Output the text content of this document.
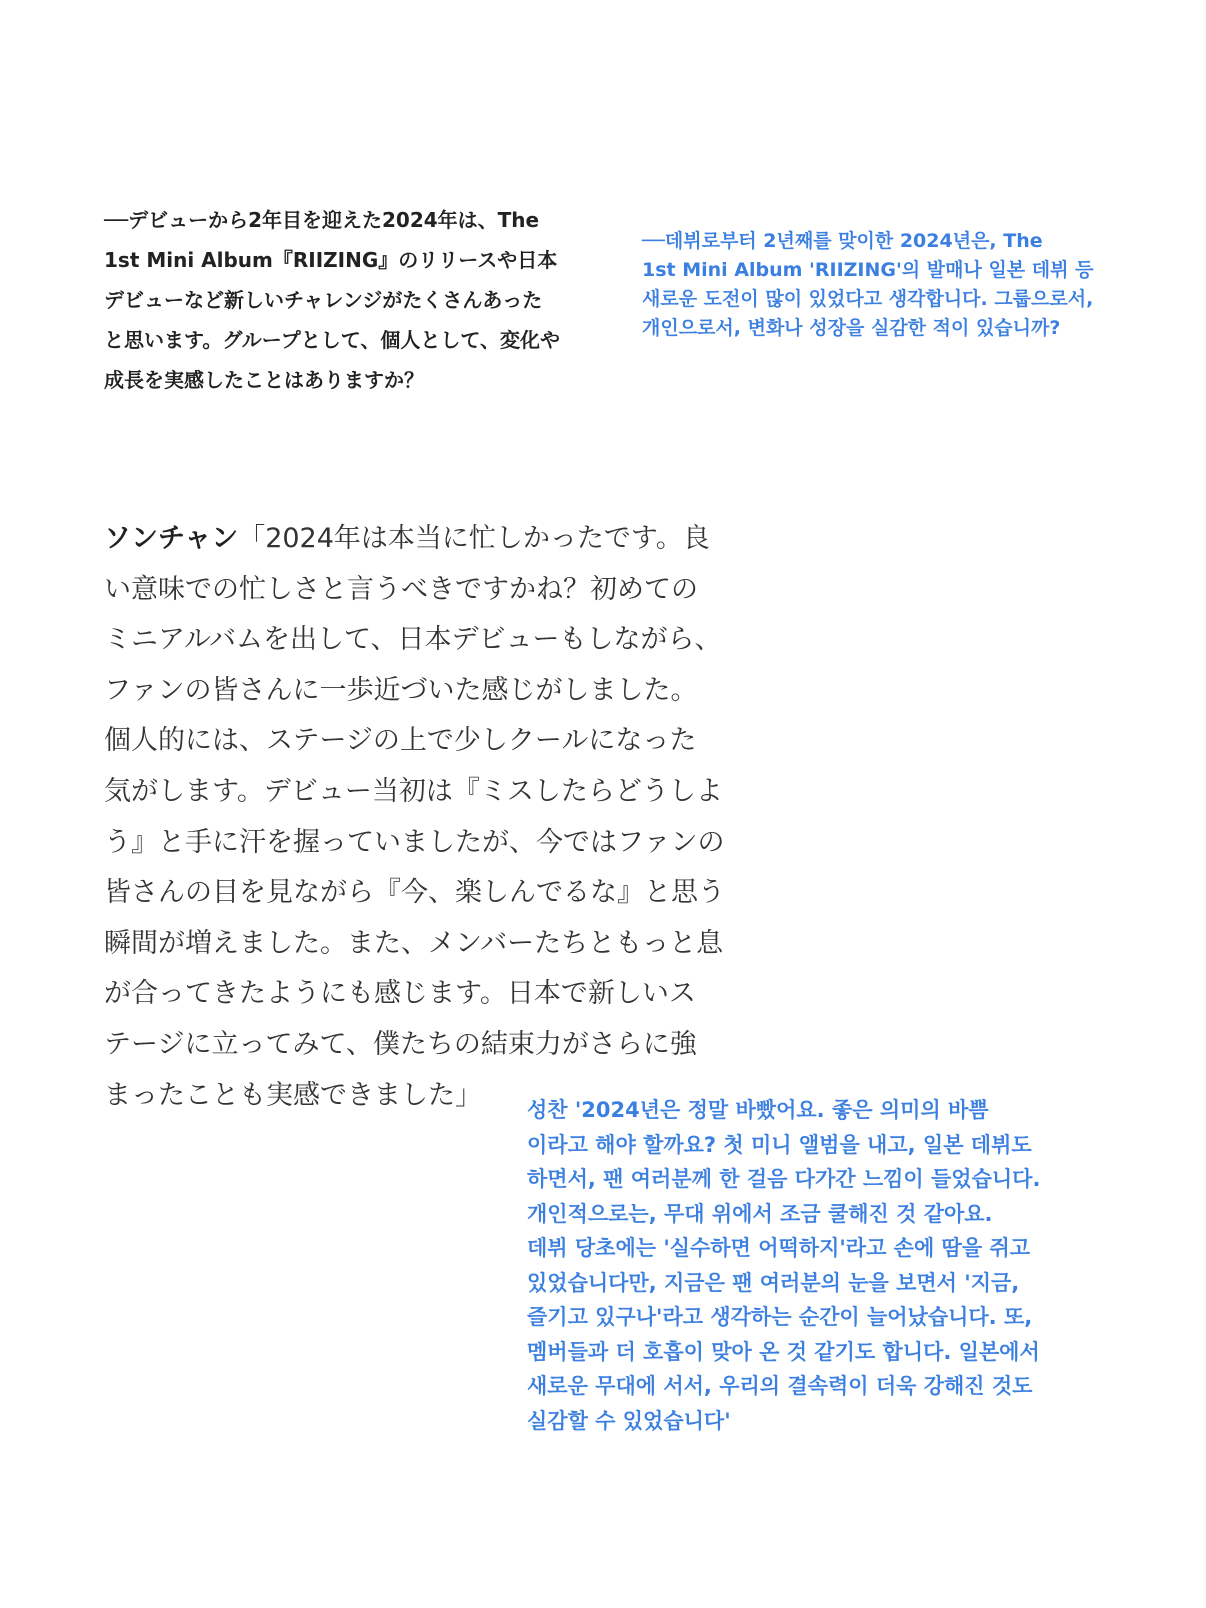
──デビューから2年目を迎えた2024年は、The
1st Mini Album『RIIZING』のリリースや日本
デビューなど新しいチャレンジがたくさんあった
と思います。グループとして、個人として、変化や
成長を実感したことはありますか？
──데뷔로부터 2년째를 맞이한 2024년은, The
1st Mini Album 'RIIZING'의 발매나 일본 데뷔 등
새로운 도전이 많이 있었다고 생각합니다. 그룹으로서,
개인으로서, 변화나 성장을 실감한 적이 있습니까?
ソンチャン「2024年は本当に忙しかったです。良
い意味での忙しさと言うべきですかね？初めての
ミニアルバムを出して、日本デビューもしながら、
ファンの皆さんに一歩近づいた感じがしました。
個人的には、ステージの上で少しクールになった
気がします。デビュー当初は『ミスしたらどうしよ
う』と手に汗を握っていましたが、今ではファンの
皆さんの目を見ながら『今、楽しんでるな』と思う
瞬間が増えました。また、メンバーたちともっと息
が合ってきたようにも感じます。日本で新しいス
テージに立ってみて、僕たちの結束力がさらに強
まったことも実感できました」	성찬 '2024년은 정말 바빴어요. 좋은 의미의 바쁨
이라고 해야 할까요? 첫 미니 앨범을 내고, 일본 데뷔도
하면서, 팬 여러분께 한 걸음 다가간 느낌이 들었습니다.
개인적으로는, 무대 위에서 조금 쿨해진 것 같아요.
데뷔 당초에는 '실수하면 어떡하지'라고 손에 땀을 쥐고
있었습니다만, 지금은 팬 여러분의 눈을 보면서 '지금,
즐기고 있구나'라고 생각하는 순간이 늘어났습니다. 또,
멤버들과 더 호흡이 맞아 온 것 같기도 합니다. 일본에서
새로운 무대에 서서, 우리의 결속력이 더욱 강해진 것도
실감할 수 있었습니다'
